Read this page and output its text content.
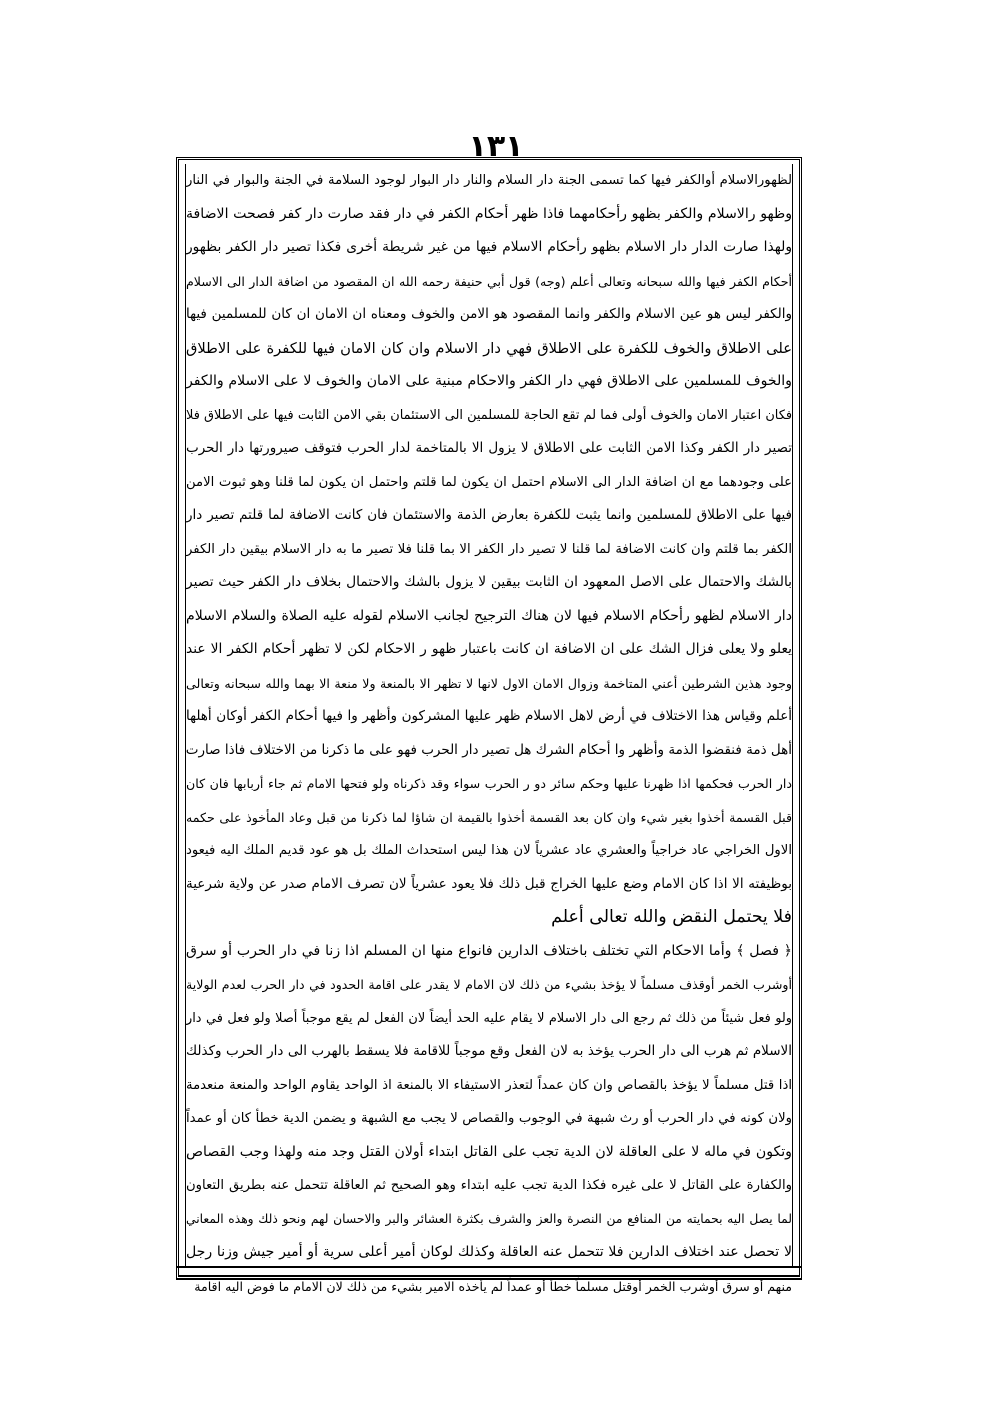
١٣١
لظهورالاسلام أوالكفر فيها كما تسمى الجنة دار السلام والنار دار البوار لوجود السلامة في الجنة والبوار في النار
وظهو رالاسلام والكفر بظهو رأحكامهما فاذا ظهر أحكام الكفر في دار فقد صارت دار كفر فصحت الاضافة
ولهذا صارت الدار دار الاسلام بظهو رأحكام الاسلام فيها من غير شريطة أخرى فكذا تصير دار الكفر بظهور
أحكام الكفر فيها والله سبحانه وتعالى أعلم (وجه) قول أبي حنيفة رحمه الله ان المقصود من اضافة الدار الى الاسلام
والكفر ليس هو عين الاسلام والكفر وانما المقصود هو الامن والخوف ومعناه ان الامان ان كان للمسلمين فيها
على الاطلاق والخوف للكفرة على الاطلاق فهي دار الاسلام وان كان الامان فيها للكفرة على الاطلاق
والخوف للمسلمين على الاطلاق فهي دار الكفر والاحكام مبنية على الامان والخوف لا على الاسلام والكفر
فكان اعتبار الامان والخوف أولى فما لم تقع الحاجة للمسلمين الى الاستئمان بقي الامن الثابت فيها على الاطلاق فلا
تصير دار الكفر وكذا الامن الثابت على الاطلاق لا يزول الا بالمتاخمة لدار الحرب فتوقف صيرورتها دار الحرب
على وجودهما مع ان اضافة الدار الى الاسلام احتمل ان يكون لما قلتم واحتمل ان يكون لما قلنا وهو ثبوت الامن
فيها على الاطلاق للمسلمين وانما يثبت للكفرة بعارض الذمة والاستئمان فان كانت الاضافة لما قلتم تصير دار
الكفر بما قلتم وان كانت الاضافة لما قلنا لا تصير دار الكفر الا بما قلنا فلا تصير ما به دار الاسلام بيقين دار الكفر
بالشك والاحتمال على الاصل المعهود ان الثابت بيقين لا يزول بالشك والاحتمال بخلاف دار الكفر حيث تصير
دار الاسلام لظهو رأحكام الاسلام فيها لان هناك الترجيح لجانب الاسلام لقوله عليه الصلاة والسلام الاسلام
يعلو ولا يعلى فزال الشك على ان الاضافة ان كانت باعتبار ظهو ر الاحكام لكن لا تظهر أحكام الكفر الا عند
وجود هذين الشرطين أعني المتاخمة وزوال الامان الاول لانها لا تظهر الا بالمنعة ولا منعة الا بهما والله سبحانه وتعالى
أعلم وقياس هذا الاختلاف في أرض لاهل الاسلام ظهر عليها المشركون وأظهر وا فيها أحكام الكفر أوكان أهلها
أهل ذمة فنقضوا الذمة وأظهر وا أحكام الشرك هل تصير دار الحرب فهو على ما ذكرنا من الاختلاف فاذا صارت
دار الحرب فحكمها اذا ظهرنا عليها وحكم سائر دو ر الحرب سواء وقد ذكرناه ولو فتحها الامام ثم جاء أربابها فان كان
قبل القسمة أخذوا بغير شيء وان كان بعد القسمة أخذوا بالقيمة ان شاؤا لما ذكرنا من قبل وعاد المأخوذ على حكمه
الاول الخراجي عاد خراجياً والعشري عاد عشرياً لان هذا ليس استحداث الملك بل هو عود قديم الملك اليه فيعود
بوظيفته الا اذا كان الامام وضع عليها الخراج قبل ذلك فلا يعود عشرياً لان تصرف الامام صدر عن ولاية شرعية
فلا يحتمل النقض والله تعالى أعلم
﴿ فصل ﴾ وأما الاحكام التي تختلف باختلاف الدارين فانواع منها ان المسلم اذا زنا في دار الحرب أو سرق
أوشرب الخمر أوقذف مسلماً لا يؤخذ بشيء من ذلك لان الامام لا يقدر على اقامة الحدود في دار الحرب لعدم الولاية
ولو فعل شيئاً من ذلك ثم رجع الى دار الاسلام لا يقام عليه الحد أيضاً لان الفعل لم يقع موجباً أصلا ولو فعل في دار
الاسلام ثم هرب الى دار الحرب يؤخذ به لان الفعل وقع موجباً للاقامة فلا يسقط بالهرب الى دار الحرب وكذلك
اذا قتل مسلماً لا يؤخذ بالقصاص وان كان عمداً لتعذر الاستيفاء الا بالمنعة اذ الواحد يقاوم الواحد والمنعة منعدمة
ولان كونه في دار الحرب أو رث شبهة في الوجوب والقصاص لا يجب مع الشبهة و يضمن الدية خطأ كان أو عمداً
وتكون في ماله لا على العاقلة لان الدية تجب على القاتل ابتداء أولان القتل وجد منه ولهذا وجب القصاص
والكفارة على القاتل لا على غيره فكذا الدية تجب عليه ابتداء وهو الصحيح ثم العاقلة تتحمل عنه بطريق التعاون
لما يصل اليه بحمايته من المنافع من النصرة والعز والشرف بكثرة العشائر والبر والاحسان لهم ونحو ذلك وهذه المعاني
لا تحصل عند اختلاف الدارين فلا تتحمل عنه العاقلة وكذلك لوكان أمير أعلى سرية أو أمير جيش وزنا رجل
منهم أو سرق أوشرب الخمر أوقتل مسلماً خطأ أو عمداً لم يأخذه الامير بشيء من ذلك لان الامام ما فوض اليه اقامة
